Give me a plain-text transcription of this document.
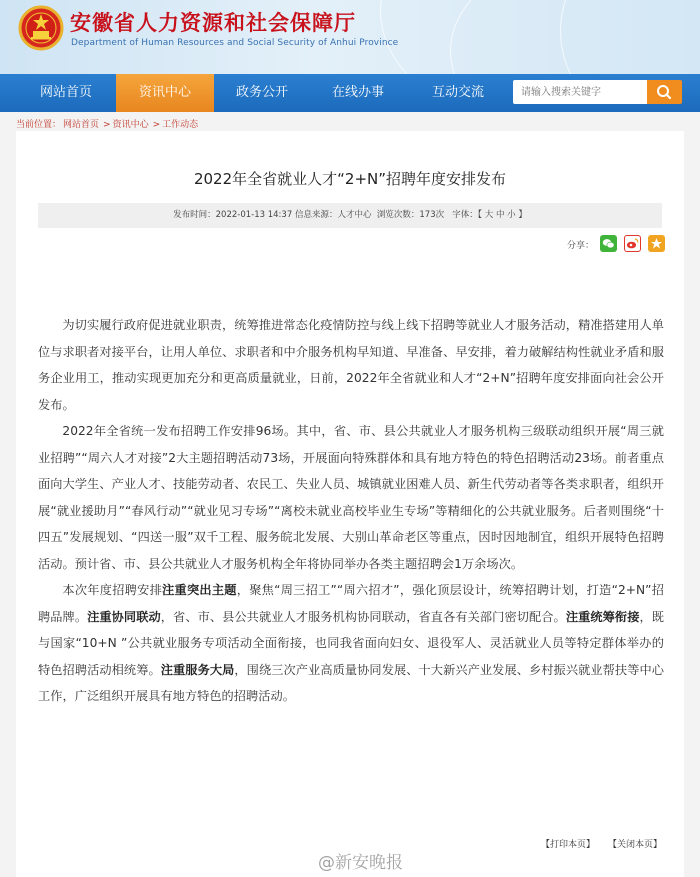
安徽省人力资源和社会保障厅
Department of Human Resources and Social Security of Anhui Province
网站首页	资讯中心	政务公开	在线办事	互动交流
请输入搜索关键字
当前位置： 网站首页 > 资讯中心 > 工作动态
2022年全省就业人才“2+N”招聘年度安排发布
发布时间：2022-01-13 14:37 信息来源：人才中心 浏览次数：173次 字体：【 大 中 小 】
分享：

为切实履行政府促进就业职责，统筹推进常态化疫情防控与线上线下招聘等就业人才服务活动，精准搭建用人单位与求职者对接平台，让用人单位、求职者和中介服务机构早知道、早准备、早安排，着力破解结构性就业矛盾和服务企业用工，推动实现更加充分和更高质量就业，日前，2022年全省就业和人才“2+N”招聘年度安排面向社会公开发布。

2022年全省统一发布招聘工作安排96场。其中，省、市、县公共就业人才服务机构三级联动组织开展“周三就业招聘”“周六人才对接”2大主题招聘活动73场，开展面向特殊群体和具有地方特色的特色招聘活动23场。前者重点面向大学生、产业人才、技能劳动者、农民工、失业人员、城镇就业困难人员、新生代劳动者等各类求职者，组织开展“就业援助月”“春风行动”“就业见习专场”“离校未就业高校毕业生专场”等精细化的公共就业服务。后者则围绕“十四五”发展规划、“四送一服”双千工程、服务皖北发展、大别山革命老区等重点，因时因地制宜，组织开展特色招聘活动。预计省、市、县公共就业人才服务机构全年将协同举办各类主题招聘会1万余场次。

本次年度招聘安排注重突出主题，聚焦“周三招工”“周六招才”，强化顶层设计，统筹招聘计划，打造“2+N”招聘品牌。注重协同联动，省、市、县公共就业人才服务机构协同联动，省直各有关部门密切配合。注重统筹衔接，既与国家“10+N ”公共就业服务专项活动全面衔接，也同我省面向妇女、退役军人、灵活就业人员等特定群体举办的特色招聘活动相统筹。注重服务大局，围绕三次产业高质量协同发展、十大新兴产业发展、乡村振兴就业帮扶等中心工作，广泛组织开展具有地方特色的招聘活动。

【打印本页】 【关闭本页】
@新安晚报
